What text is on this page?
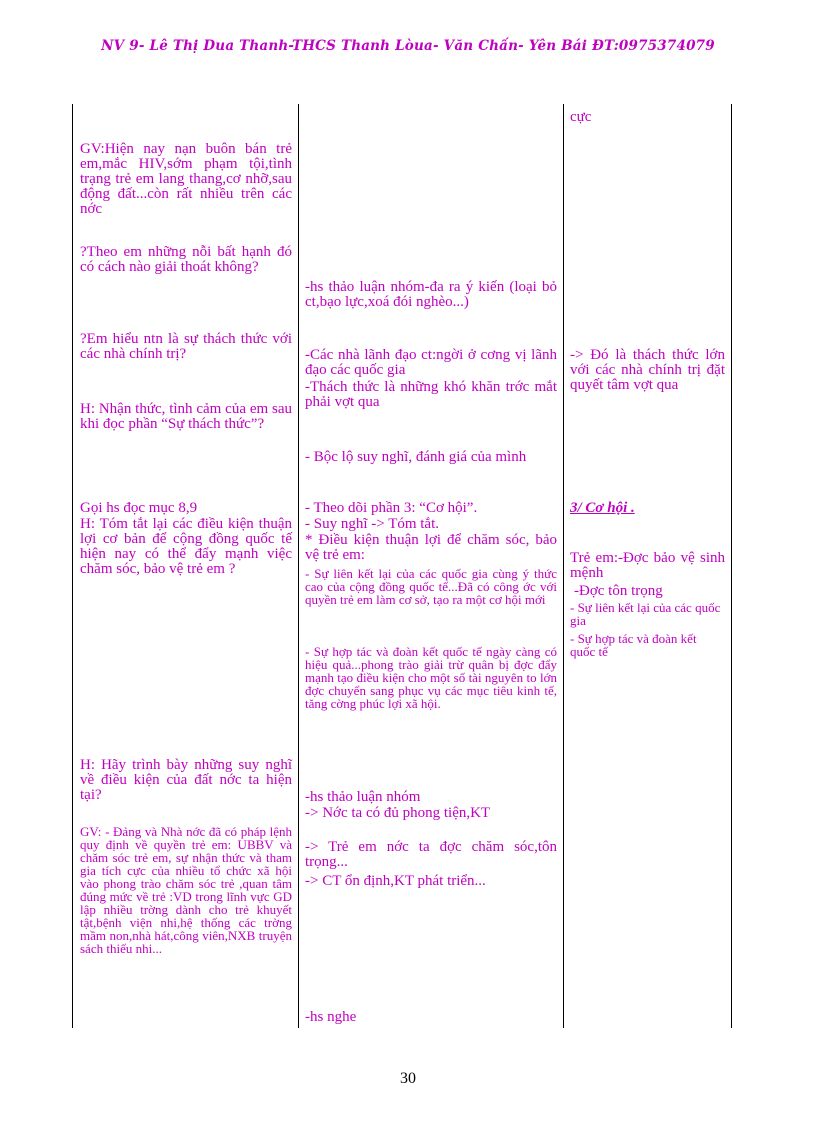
NV 9- Lê Thị Dua Thanh-THCS Thanh Lòua- Văn Chấn- Yên Bái ĐT:0975374079
GV:Hiện nay nạn buôn bán trẻ em,mắc HIV,sớm phạm tội,tình trạng trẻ em lang thang,cơ nhỡ,sau động đất...còn rất nhiều trên các nớc
?Theo em những nỗi bất hạnh đó có cách nào giải thoát không?
?Em hiểu ntn là sự thách thức với các nhà chính trị?
H: Nhận thức, tình cảm của em sau khi đọc phần “Sự thách thức”?
Gọi hs đọc mục 8,9
H: Tóm tắt lại các điều kiện thuận lợi cơ bản để cộng đồng quốc tế hiện nay có thể đẩy mạnh việc chăm sóc, bảo vệ trẻ em ?
H: Hãy trình bày những suy nghĩ về điều kiện của đất nớc ta hiện tại?
GV: - Đảng và Nhà nớc đã có pháp lệnh quy định về quyền trẻ em: UBBV và chăm sóc trẻ em, sự nhận thức và tham gia tích cực của nhiều tổ chức xã hội vào phong trào chăm sóc trẻ ,quan tâm đúng mức về trẻ :VD trong lĩnh vực GD lập nhiều trờng dành cho trẻ khuyết tật,bệnh viện nhi,hệ thống các trờng mầm non,nhà hát,công viên,NXB truyện sách thiếu nhi...
-hs thảo luận nhóm-đa ra ý kiến (loại bỏ ct,bạo lực,xoá đói nghèo...)
-Các nhà lãnh đạo ct:ngời ở cơng vị lãnh đạo các quốc gia
-Thách thức là những khó khăn trớc mắt phải vợt qua
- Bộc lộ suy nghĩ, đánh giá của mình
- Theo dõi phần 3: “Cơ hội”.
- Suy nghĩ -> Tóm tắt.
* Điều kiện thuận lợi để chăm sóc, bảo vệ trẻ em:
- Sự liên kết lại của các quốc gia cùng ý thức cao của cộng đồng quốc tế...Đã có công ớc với quyền trẻ em làm cơ sở, tạo ra một cơ hội mới
- Sự hợp tác và đoàn kết quốc tế ngày càng có hiệu quả...phong trào giải trừ quân bị đợc đẩy mạnh tạo điều kiện cho một số tài nguyên to lớn đợc chuyển sang phục vụ các mục tiêu kinh tế, tăng cờng phúc lợi xã hội.
-hs thảo luận nhóm
-> Nớc ta có đủ phong tiện,KT
-> Trẻ em nớc ta đợc chăm sóc,tôn trọng...
-> CT ổn định,KT phát triển...
-hs nghe
cực
-> Đó là thách thức lớn với các nhà chính trị đặt quyết tâm vợt qua
3/ Cơ hội .
Trẻ em:-Đợc bảo vệ sinh mệnh
-Đợc tôn trọng
- Sự liên kết lại của các quốc gia
- Sự hợp tác và đoàn kết quốc tế
30
